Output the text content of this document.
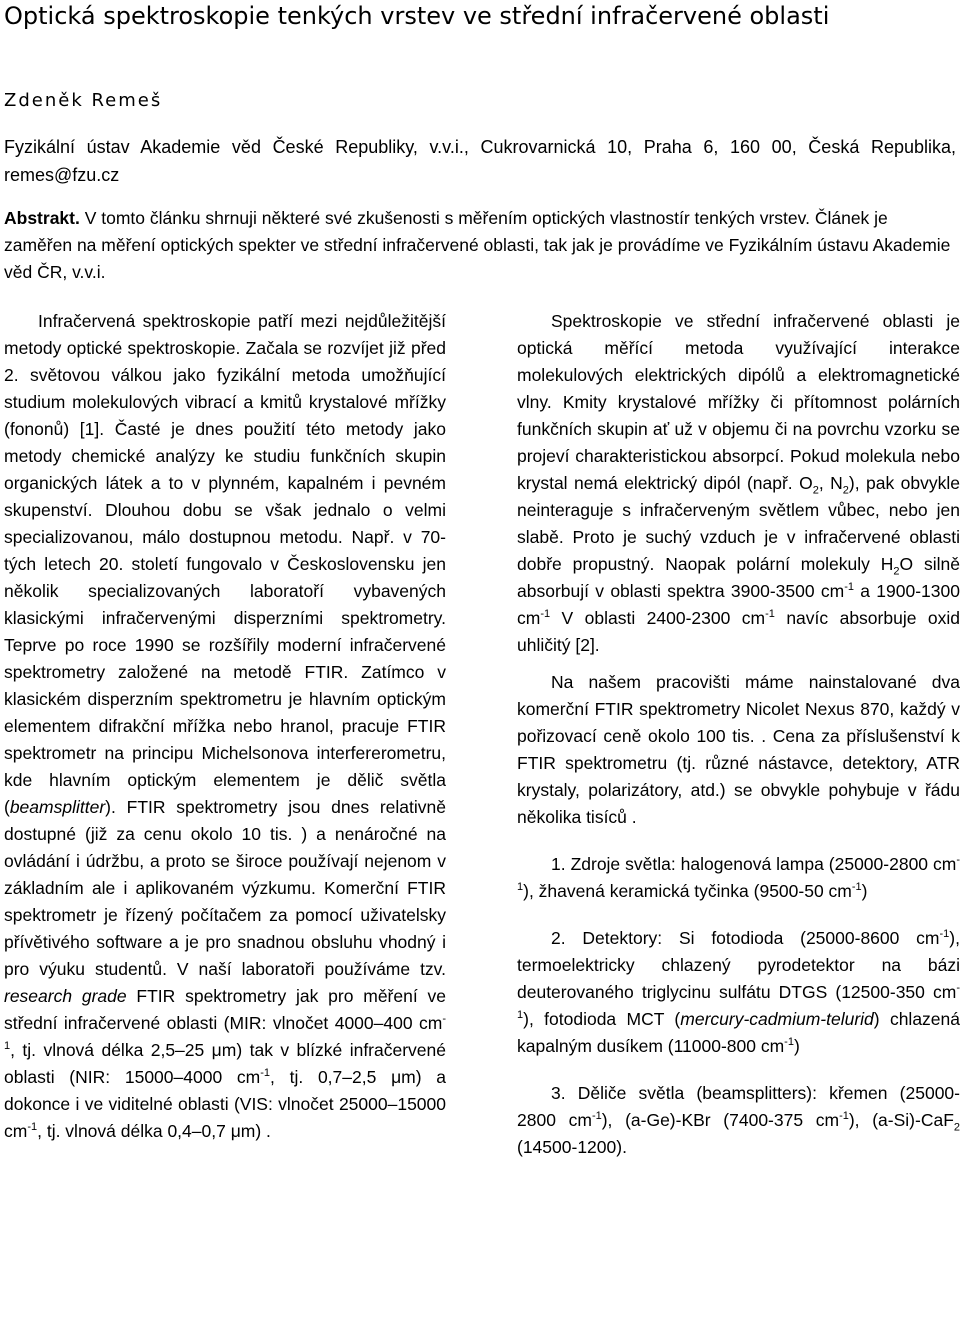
Optická spektroskopie tenkých vrstev ve střední infračervené oblasti
Zdeněk Remeš
Fyzikální ústav Akademie věd České Republiky, v.v.i., Cukrovarnická 10, Praha 6, 160 00, Česká Republika, remes@fzu.cz
Abstrakt. V tomto článku shrnuji některé své zkušenosti s měřením optických vlastnostír tenkých vrstev. Článek je zaměřen na měření optických spekter ve střední infračervené oblasti, tak jak je provádíme ve Fyzikálním ústavu Akademie věd ČR, v.v.i.

Infračervená spektroskopie patří mezi nejdůležitější metody optické spektroskopie. Začala se rozvíjet již před 2. světovou válkou jako fyzikální metoda umožňující studium molekulových vibrací a kmitů krystalové mřížky (fononů) [1]. Časté je dnes použití této metody jako metody chemické analýzy ke studiu funkčních skupin organických látek a to v plynném, kapalném i pevném skupenství. Dlouhou dobu se však jednalo o velmi specializovanou, málo dostupnou metodu. Např. v 70-tých letech 20. století fungovalo v Československu jen několik specializovaných laboratoří vybavených klasickými infračervenými disperzními spektrometry. Teprve po roce 1990 se rozšířily moderní infračervené spektrometry založené na metodě FTIR. Zatímco v klasickém disperzním spektrometru je hlavním optickým elementem difrakční mřížka nebo hranol, pracuje FTIR spektrometr na principu Michelsonova interfererometru, kde hlavním optickým elementem je dělič světla (beamsplitter). FTIR spektrometry jsou dnes relativně dostupné (již za cenu okolo 10 tis. ) a nenáročné na ovládání i údržbu, a proto se široce používají nejenom v základním ale i aplikovaném výzkumu. Komerční FTIR spektrometr je řízený počítačem za pomocí uživatelsky přívětivého software a je pro snadnou obsluhu vhodný i pro výuku studentů. V naší laboratoři používáme tzv. research grade FTIR spektrometry jak pro měření ve střední infračervené oblasti (MIR: vlnočet 4000–400 $cm^{-1}$, tj. vlnová délka 2,5–25 μm) tak v blízké infračervené oblasti (NIR: 15000–4000 $cm^{-1}$, tj. 0,7–2,5 μm) a dokonce i ve viditelné oblasti (VIS: vlnočet 25000–15000 $cm^{-1}$, tj. vlnová délka 0,4–0,7 μm) .

Spektroskopie ve střední infračervené oblasti je optická měřící metoda využívající interakce molekulových elektrických dipólů a elektromagnetické vlny. Kmity krystalové mřížky či přítomnost polárních funkčních skupin ať už v objemu či na povrchu vzorku se projeví charakteristickou absorpcí. Pokud molekula nebo krystal nemá elektrický dipól (např. $O_2$, $N_2$), pak obvykle neinteraguje s infračerveným světlem vůbec, nebo jen slabě. Proto je suchý vzduch je v infračervené oblasti dobře propustný. Naopak polární molekuly $H_2O$ silně absorbují v oblasti spektra 3900-3500 $cm^{-1}$ a 1900-1300 $cm^{-1}$ V oblasti 2400-2300 $cm^{-1}$ navíc absorbuje oxid uhličitý [2].

Na našem pracovišti máme nainstalované dva komerční FTIR spektrometry Nicolet Nexus 870, každý v pořizovací ceně okolo 100 tis. . Cena za příslušenství k FTIR spektrometru (tj. různé nástavce, detektory, ATR krystaly, polarizátory, atd.) se obvykle pohybuje v řádu několika tisíců .

1. Zdroje světla: halogenová lampa (25000-2800 $cm^{-1}$), žhavená keramická tyčinka (9500-50 $cm^{-1}$)

2. Detektory: Si fotodioda (25000-8600 $cm^{-1}$), termoelektricky chlazený pyrodetektor na bázi deuterovaného triglycinu sulfátu DTGS (12500-350 $cm^{-1}$), fotodioda MCT (mercury-cadmium-telurid) chlazená kapalným dusíkem (11000-800 $cm^{-1}$)

3. Děliče světla (beamsplitters): křemen (25000-2800 $cm^{-1}$), (a-Ge)-KBr (7400-375 $cm^{-1}$), (a-Si)-CaF$_2$ (14500-1200).
